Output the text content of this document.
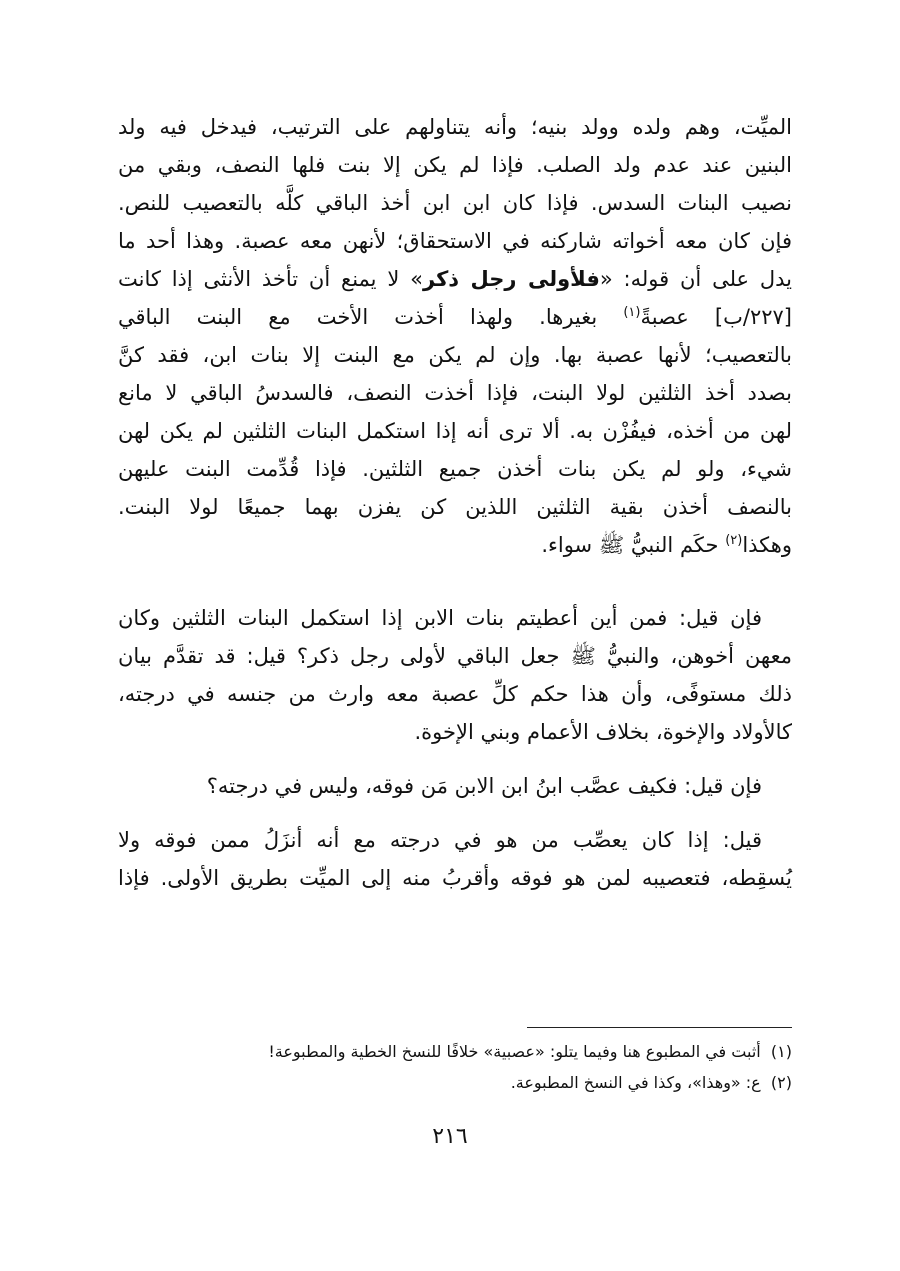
الميِّت، وهم ولده وولد بنيه؛ وأنه يتناولهم على الترتيب، فيدخل فيه ولد
البنين عند عدم ولد الصلب. فإذا لم يكن إلا بنت فلها النصف، وبقي من
نصيب البنات السدس. فإذا كان ابن ابن أخذ الباقي كلَّه بالتعصيب للنص.
فإن كان معه أخواته شاركنه في الاستحقاق؛ لأنهن معه عصبة. وهذا أحد ما
يدل على أن قوله: «فلأولى رجل ذكر» لا يمنع أن تأخذ الأنثى إذا كانت
[٢٢٧/ب] عصبةً$^{(١)}$ بغيرها. ولهذا أخذت الأخت مع البنت الباقي
بالتعصيب؛ لأنها عصبة بها. وإن لم يكن مع البنت إلا بنات ابن، فقد كنَّ
بصدد أخذ الثلثين لولا البنت، فإذا أخذت النصف، فالسدسُ الباقي لا مانع
لهن من أخذه، فيفُزْن به. ألا ترى أنه إذا استكمل البنات الثلثين لم يكن لهن
شيء، ولو لم يكن بنات أخذن جميع الثلثين. فإذا قُدِّمت البنت عليهن
بالنصف أخذن بقية الثلثين اللذين كن يفزن بهما جميعًا لولا البنت.
وهكذا$^{(٢)}$ حكَم النبيُّ ﷺ سواء.
فإن قيل: فمن أين أعطيتم بنات الابن إذا استكمل البنات الثلثين وكان
معهن أخوهن، والنبيُّ ﷺ جعل الباقي لأولى رجل ذكر؟ قيل: قد تقدَّم بيان
ذلك مستوفًى، وأن هذا حكم كلِّ عصبة معه وارث من جنسه في درجته،
كالأولاد والإخوة، بخلاف الأعمام وبني الإخوة.
فإن قيل: فكيف عصَّب ابنُ ابن الابن مَن فوقه، وليس في درجته؟
قيل: إذا كان يعصِّب من هو في درجته مع أنه أنزَلُ ممن فوقه ولا
يُسقِطه، فتعصيبه لمن هو فوقه وأقربُ منه إلى الميِّت بطريق الأولى. فإذا
(١)  أثبت في المطبوع هنا وفيما يتلو: «عصبية» خلافًا للنسخ الخطية والمطبوعة!
(٢)  ع: «وهذا»، وكذا في النسخ المطبوعة.
٢١٦
